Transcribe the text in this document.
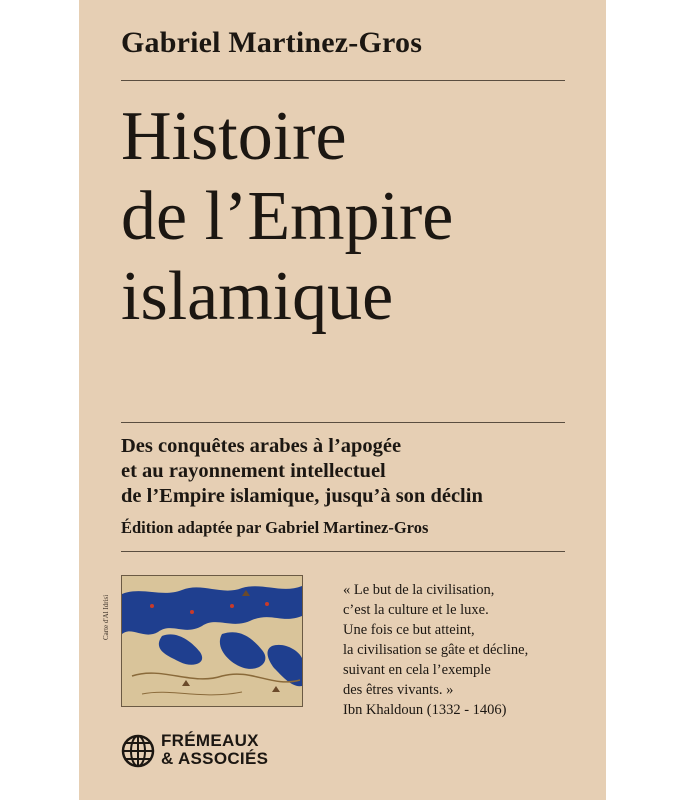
Gabriel Martinez-Gros
Histoire
de l’Empire
islamique
Des conquêtes arabes à l’apogée
et au rayonnement intellectuel
de l’Empire islamique, jusqu’à son déclin
Édition adaptée par Gabriel Martinez-Gros
Carte d'Al Idrisi
« Le but de la civilisation,
c’est la culture et le luxe.
Une fois ce but atteint,
la civilisation se gâte et décline,
suivant en cela l’exemple
des êtres vivants. »
Ibn Khaldoun (1332 - 1406)
FRÉMEAUX
& ASSOCIÉS
